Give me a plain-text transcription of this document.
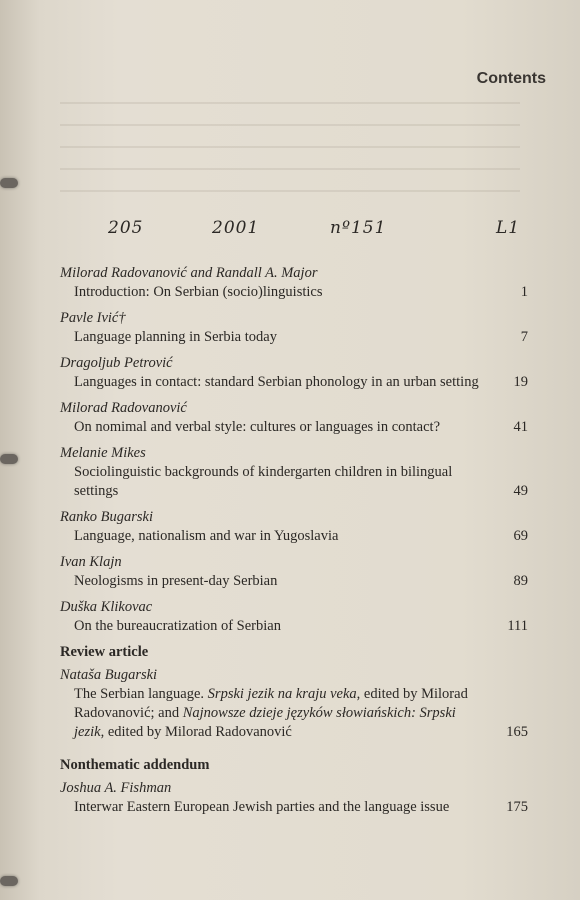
Contents
205	2001	nº151	L1
Milorad Radovanović and Randall A. Major
Introduction: On Serbian (socio)linguistics	1
Pavle Ivić†
Language planning in Serbia today	7
Dragoljub Petrović
Languages in contact: standard Serbian phonology in an urban setting	19
Milorad Radovanović
On nomimal and verbal style: cultures or languages in contact?	41
Melanie Mikes
Sociolinguistic backgrounds of kindergarten children in bilingual settings	49
Ranko Bugarski
Language, nationalism and war in Yugoslavia	69
Ivan Klajn
Neologisms in present-day Serbian	89
Duška Klikovac
On the bureaucratization of Serbian	111
Review article
Nataša Bugarski
The Serbian language. Srpski jezik na kraju veka, edited by Milorad Radovanović; and Najnowsze dzieje języków słowiańskich: Srpski jezik, edited by Milorad Radovanović	165
Nonthematic addendum
Joshua A. Fishman
Interwar Eastern European Jewish parties and the language issue	175
